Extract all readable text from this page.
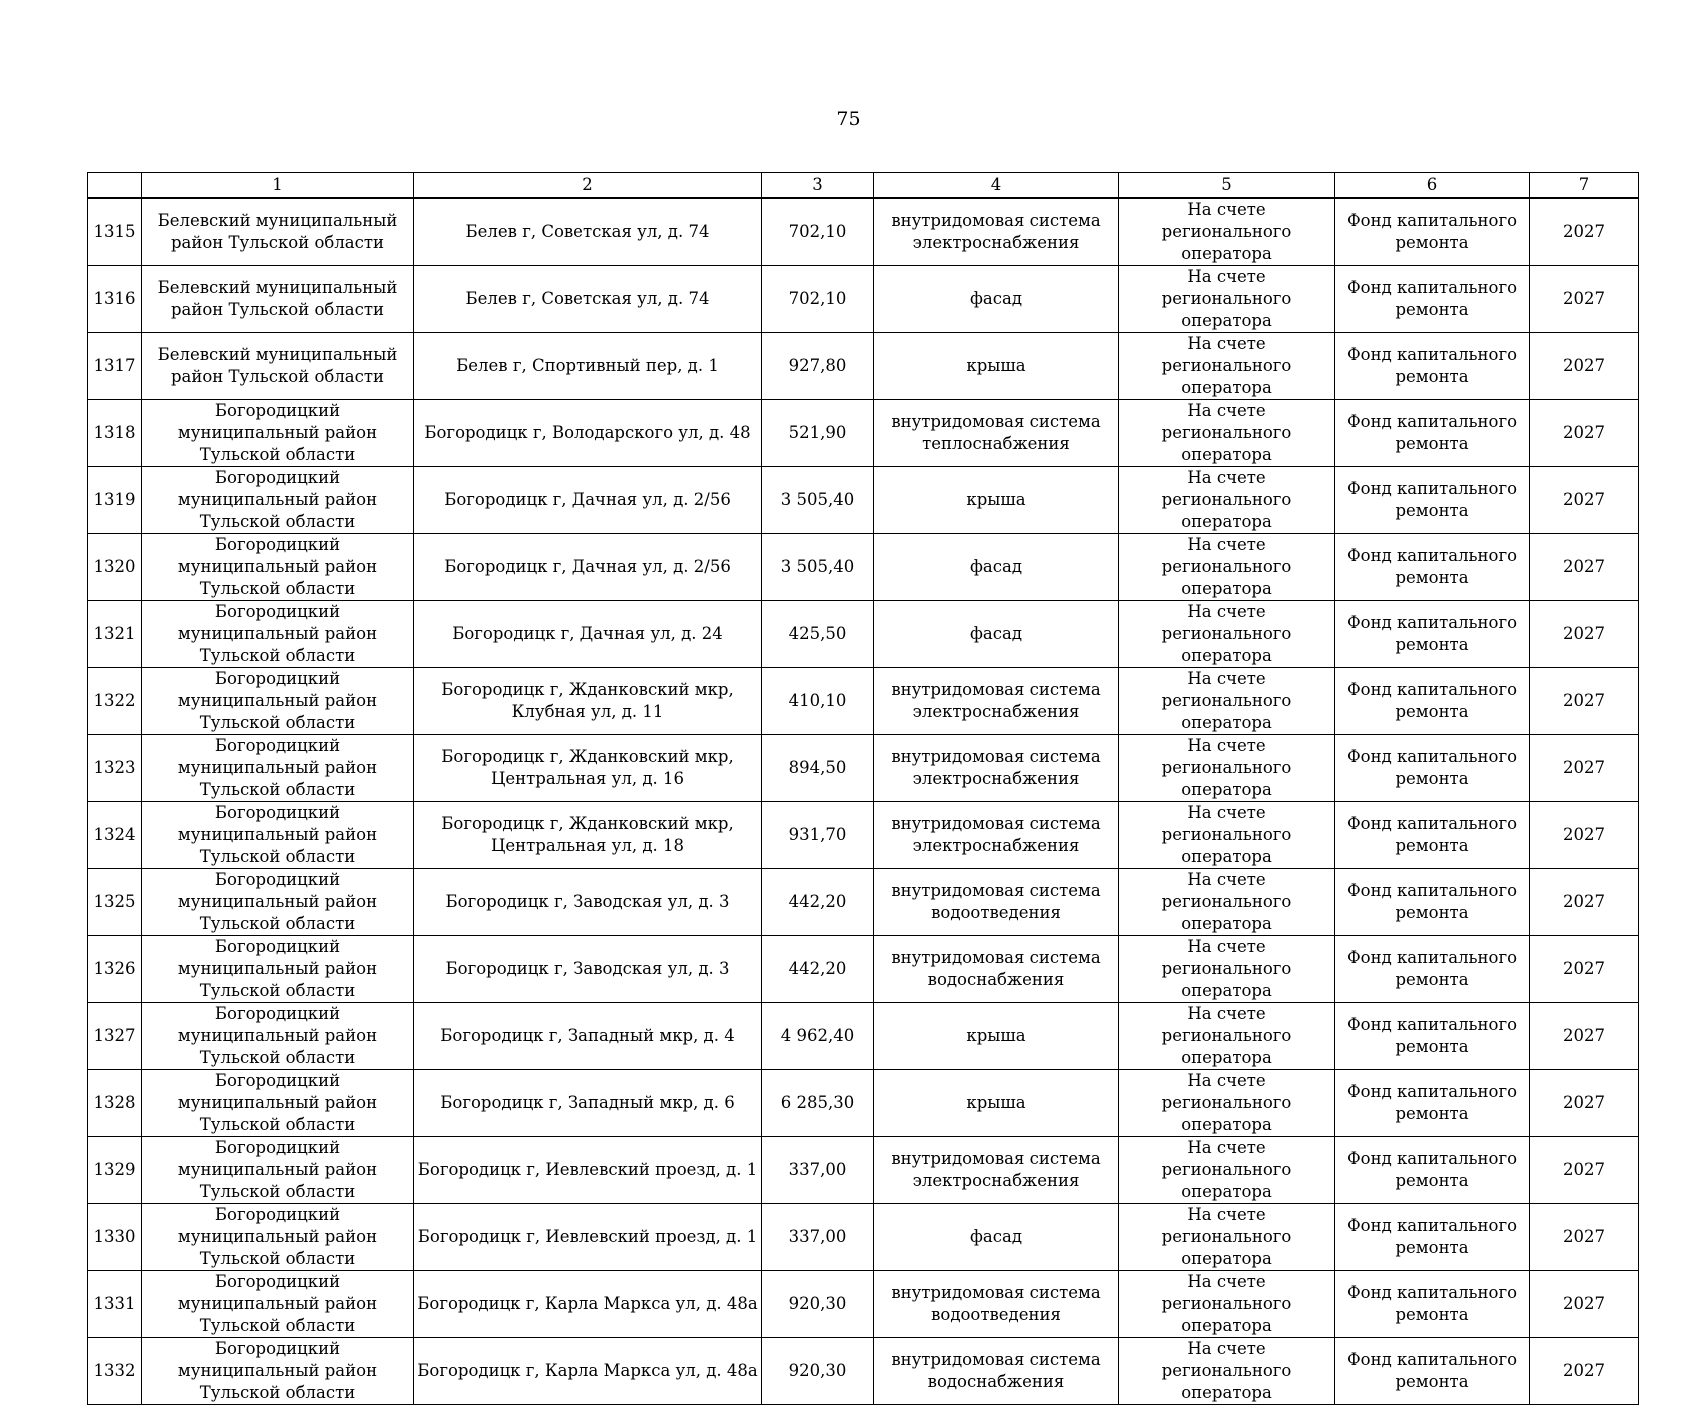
75
	1	2	3	4	5	6	7
1315	Белевский муниципальный район Тульской области	Белев г, Советская ул, д. 74	702,10	внутридомовая система электроснабжения	На счете регионального оператора	Фонд капитального ремонта	2027
1316	Белевский муниципальный район Тульской области	Белев г, Советская ул, д. 74	702,10	фасад	На счете регионального оператора	Фонд капитального ремонта	2027
1317	Белевский муниципальный район Тульской области	Белев г, Спортивный пер, д. 1	927,80	крыша	На счете регионального оператора	Фонд капитального ремонта	2027
1318	Богородицкий муниципальный район Тульской области	Богородицк г, Володарского ул, д. 48	521,90	внутридомовая система теплоснабжения	На счете регионального оператора	Фонд капитального ремонта	2027
1319	Богородицкий муниципальный район Тульской области	Богородицк г, Дачная ул, д. 2/56	3 505,40	крыша	На счете регионального оператора	Фонд капитального ремонта	2027
1320	Богородицкий муниципальный район Тульской области	Богородицк г, Дачная ул, д. 2/56	3 505,40	фасад	На счете регионального оператора	Фонд капитального ремонта	2027
1321	Богородицкий муниципальный район Тульской области	Богородицк г, Дачная ул, д. 24	425,50	фасад	На счете регионального оператора	Фонд капитального ремонта	2027
1322	Богородицкий муниципальный район Тульской области	Богородицк г, Жданковский мкр, Клубная ул, д. 11	410,10	внутридомовая система электроснабжения	На счете регионального оператора	Фонд капитального ремонта	2027
1323	Богородицкий муниципальный район Тульской области	Богородицк г, Жданковский мкр, Центральная ул, д. 16	894,50	внутридомовая система электроснабжения	На счете регионального оператора	Фонд капитального ремонта	2027
1324	Богородицкий муниципальный район Тульской области	Богородицк г, Жданковский мкр, Центральная ул, д. 18	931,70	внутридомовая система электроснабжения	На счете регионального оператора	Фонд капитального ремонта	2027
1325	Богородицкий муниципальный район Тульской области	Богородицк г, Заводская ул, д. 3	442,20	внутридомовая система водоотведения	На счете регионального оператора	Фонд капитального ремонта	2027
1326	Богородицкий муниципальный район Тульской области	Богородицк г, Заводская ул, д. 3	442,20	внутридомовая система водоснабжения	На счете регионального оператора	Фонд капитального ремонта	2027
1327	Богородицкий муниципальный район Тульской области	Богородицк г, Западный мкр, д. 4	4 962,40	крыша	На счете регионального оператора	Фонд капитального ремонта	2027
1328	Богородицкий муниципальный район Тульской области	Богородицк г, Западный мкр, д. 6	6 285,30	крыша	На счете регионального оператора	Фонд капитального ремонта	2027
1329	Богородицкий муниципальный район Тульской области	Богородицк г, Иевлевский проезд, д. 1	337,00	внутридомовая система электроснабжения	На счете регионального оператора	Фонд капитального ремонта	2027
1330	Богородицкий муниципальный район Тульской области	Богородицк г, Иевлевский проезд, д. 1	337,00	фасад	На счете регионального оператора	Фонд капитального ремонта	2027
1331	Богородицкий муниципальный район Тульской области	Богородицк г, Карла Маркса ул, д. 48а	920,30	внутридомовая система водоотведения	На счете регионального оператора	Фонд капитального ремонта	2027
1332	Богородицкий муниципальный район Тульской области	Богородицк г, Карла Маркса ул, д. 48а	920,30	внутридомовая система водоснабжения	На счете регионального оператора	Фонд капитального ремонта	2027
